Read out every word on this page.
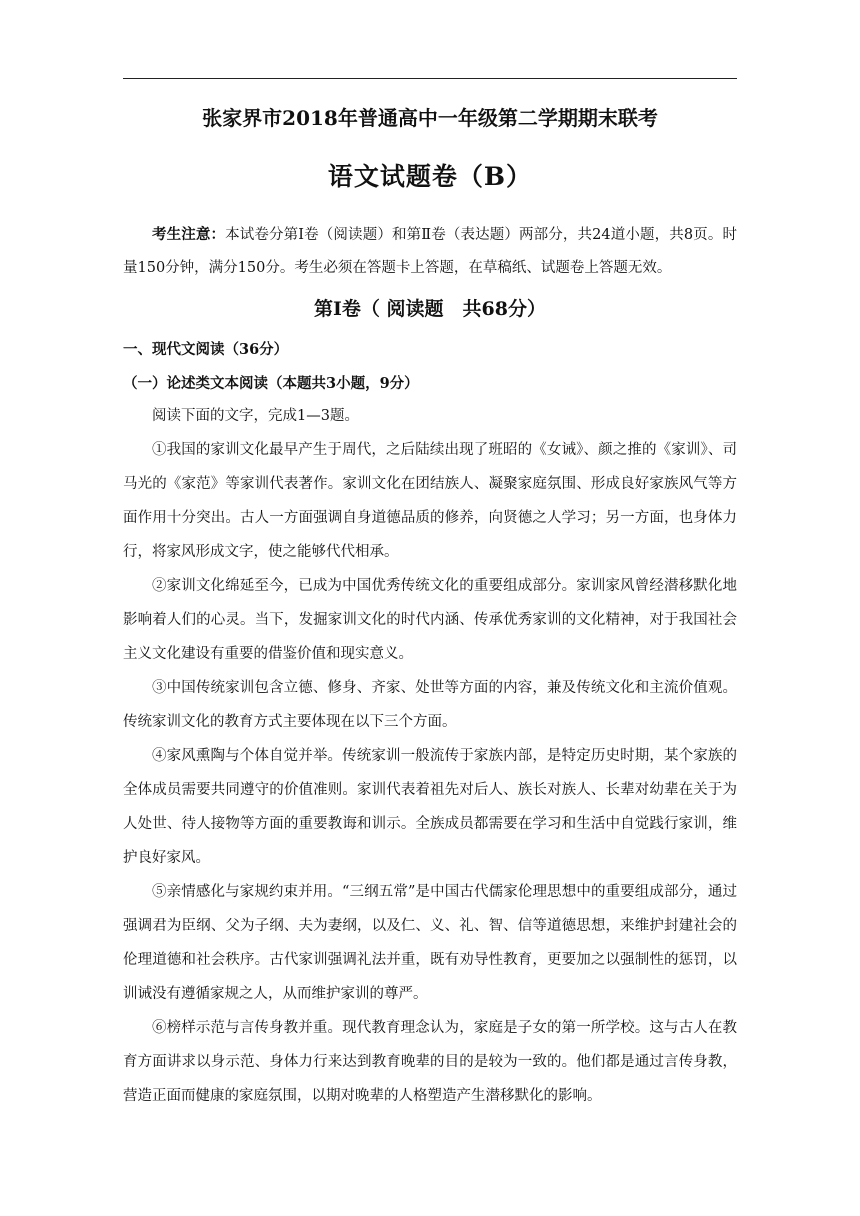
张家界市2018年普通高中一年级第二学期期末联考
语文试题卷（B）
考生注意：本试卷分第Ⅰ卷（阅读题）和第Ⅱ卷（表达题）两部分，共24道小题，共8页。时量150分钟，满分150分。考生必须在答题卡上答题，在草稿纸、试题卷上答题无效。
第Ⅰ卷（ 阅读题　共68分）
一、现代文阅读（36分）
（一）论述类文本阅读（本题共3小题，9分）

阅读下面的文字，完成1—3题。

①我国的家训文化最早产生于周代，之后陆续出现了班昭的《女诫》、颜之推的《家训》、司马光的《家范》等家训代表著作。家训文化在团结族人、凝聚家庭氛围、形成良好家族风气等方面作用十分突出。古人一方面强调自身道德品质的修养，向贤德之人学习；另一方面，也身体力行，将家风形成文字，使之能够代代相承。

②家训文化绵延至今，已成为中国优秀传统文化的重要组成部分。家训家风曾经潜移默化地影响着人们的心灵。当下，发掘家训文化的时代内涵、传承优秀家训的文化精神，对于我国社会主义文化建设有重要的借鉴价值和现实意义。

③中国传统家训包含立德、修身、齐家、处世等方面的内容，兼及传统文化和主流价值观。传统家训文化的教育方式主要体现在以下三个方面。

④家风熏陶与个体自觉并举。传统家训一般流传于家族内部，是特定历史时期，某个家族的全体成员需要共同遵守的价值准则。家训代表着祖先对后人、族长对族人、长辈对幼辈在关于为人处世、待人接物等方面的重要教诲和训示。全族成员都需要在学习和生活中自觉践行家训，维护良好家风。

⑤亲情感化与家规约束并用。“三纲五常”是中国古代儒家伦理思想中的重要组成部分，通过强调君为臣纲、父为子纲、夫为妻纲，以及仁、义、礼、智、信等道德思想，来维护封建社会的伦理道德和社会秩序。古代家训强调礼法并重，既有劝导性教育，更要加之以强制性的惩罚，以训诫没有遵循家规之人，从而维护家训的尊严。

⑥榜样示范与言传身教并重。现代教育理念认为，家庭是子女的第一所学校。这与古人在教育方面讲求以身示范、身体力行来达到教育晚辈的目的是较为一致的。他们都是通过言传身教，营造正面而健康的家庭氛围，以期对晚辈的人格塑造产生潜移默化的影响。
